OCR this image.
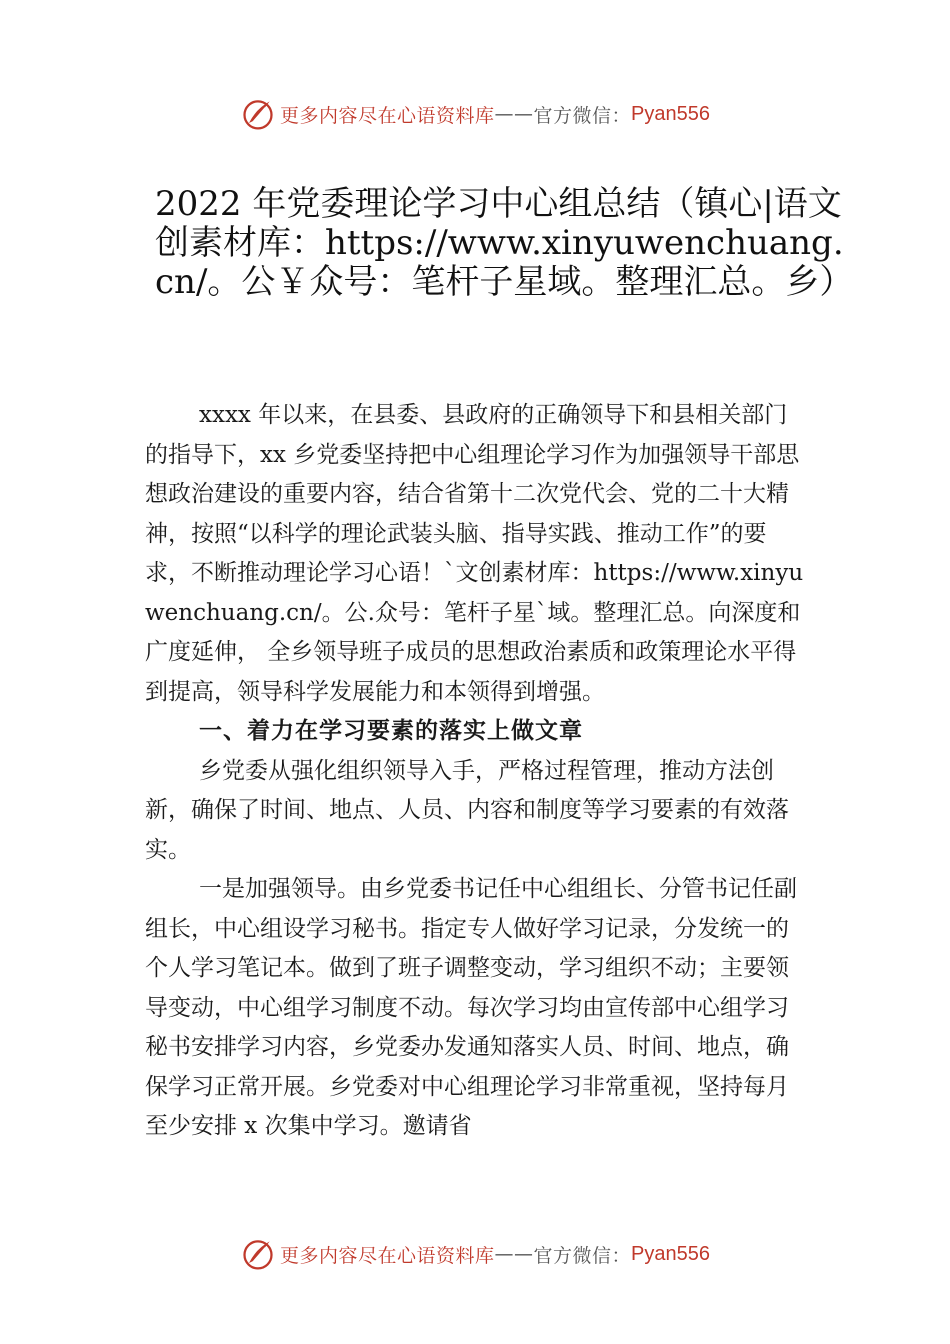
更多内容尽在心语资料库 —— 官方微信： Pyan556
2022 年党委理论学习中心组总结（镇心|语文创素材库：https://www.xinyuwenchuang.cn/。公￥众号：笔杆子星域。整理汇总。乡）

xxxx 年以来，在县委、县政府的正确领导下和县相关部门的指导下，xx 乡党委坚持把中心组理论学习作为加强领导干部思想政治建设的重要内容，结合省第十二次党代会、党的二十大精神，按照“以科学的理论武装头脑、指导实践、推动工作”的要求，不断推动理论学习心语！`文创素材库：https://www.xinyuwenchuang.cn/。公.众号：笔杆子星`域。整理汇总。向深度和广度延伸， 全乡领导班子成员的思想政治素质和政策理论水平得到提高，领导科学发展能力和本领得到增强。

一、着力在学习要素的落实上做文章

乡党委从强化组织领导入手，严格过程管理，推动方法创新，确保了时间、地点、人员、内容和制度等学习要素的有效落实。

一是加强领导。由乡党委书记任中心组组长、分管书记任副组长，中心组设学习秘书。指定专人做好学习记录，分发统一的个人学习笔记本。做到了班子调整变动，学习组织不动；主要领导变动，中心组学习制度不动。每次学习均由宣传部中心组学习秘书安排学习内容，乡党委办发通知落实人员、时间、地点，确保学习正常开展。乡党委对中心组理论学习非常重视，坚持每月至少安排 x 次集中学习。邀请省

更多内容尽在心语资料库 —— 官方微信： Pyan556
